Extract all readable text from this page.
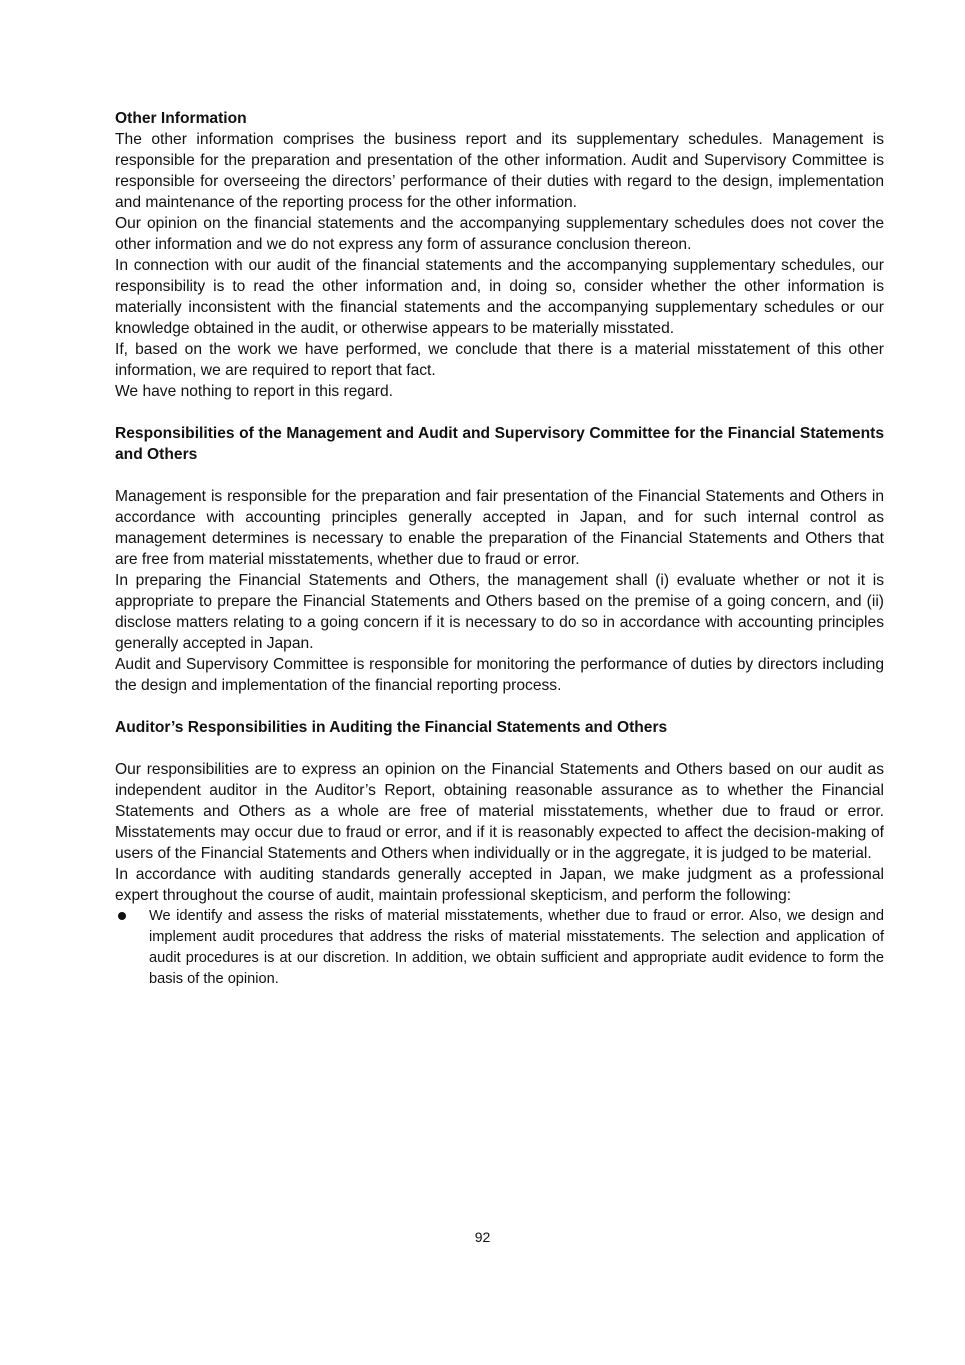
Other Information

The other information comprises the business report and its supplementary schedules. Management is responsible for the preparation and presentation of the other information. Audit and Supervisory Committee is responsible for overseeing the directors’ performance of their duties with regard to the design, implementation and maintenance of the reporting process for the other information.

Our opinion on the financial statements and the accompanying supplementary schedules does not cover the other information and we do not express any form of assurance conclusion thereon.

In connection with our audit of the financial statements and the accompanying supplementary schedules, our responsibility is to read the other information and, in doing so, consider whether the other information is materially inconsistent with the financial statements and the accompanying supplementary schedules or our knowledge obtained in the audit, or otherwise appears to be materially misstated.

If, based on the work we have performed, we conclude that there is a material misstatement of this other information, we are required to report that fact.

We have nothing to report in this regard.

Responsibilities of the Management and Audit and Supervisory Committee for the Financial Statements and Others

Management is responsible for the preparation and fair presentation of the Financial Statements and Others in accordance with accounting principles generally accepted in Japan, and for such internal control as management determines is necessary to enable the preparation of the Financial Statements and Others that are free from material misstatements, whether due to fraud or error.

In preparing the Financial Statements and Others, the management shall (i) evaluate whether or not it is appropriate to prepare the Financial Statements and Others based on the premise of a going concern, and (ii) disclose matters relating to a going concern if it is necessary to do so in accordance with accounting principles generally accepted in Japan.

Audit and Supervisory Committee is responsible for monitoring the performance of duties by directors including the design and implementation of the financial reporting process.

Auditor’s Responsibilities in Auditing the Financial Statements and Others

Our responsibilities are to express an opinion on the Financial Statements and Others based on our audit as independent auditor in the Auditor’s Report, obtaining reasonable assurance as to whether the Financial Statements and Others as a whole are free of material misstatements, whether due to fraud or error. Misstatements may occur due to fraud or error, and if it is reasonably expected to affect the decision-making of users of the Financial Statements and Others when individually or in the aggregate, it is judged to be material.

In accordance with auditing standards generally accepted in Japan, we make judgment as a professional expert throughout the course of audit, maintain professional skepticism, and perform the following:

We identify and assess the risks of material misstatements, whether due to fraud or error. Also, we design and implement audit procedures that address the risks of material misstatements. The selection and application of audit procedures is at our discretion. In addition, we obtain sufficient and appropriate audit evidence to form the basis of the opinion.
92
